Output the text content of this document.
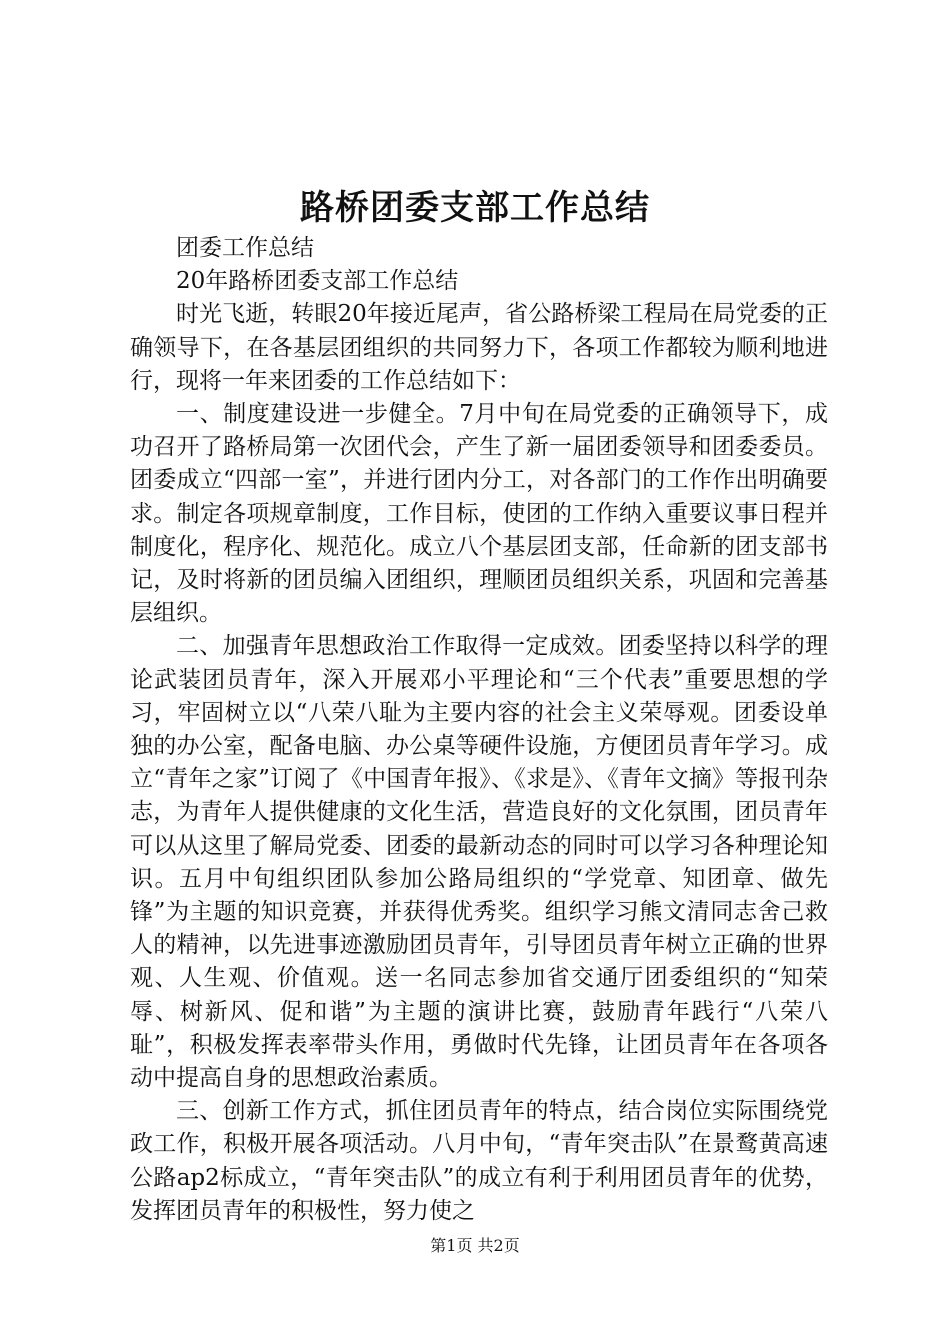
路桥团委支部工作总结

团委工作总结

20年路桥团委支部工作总结

时光飞逝，转眼20年接近尾声，省公路桥梁工程局在局党委的正确领导下，在各基层团组织的共同努力下，各项工作都较为顺利地进行，现将一年来团委的工作总结如下：

一、制度建设进一步健全。7月中旬在局党委的正确领导下，成功召开了路桥局第一次团代会，产生了新一届团委领导和团委委员。团委成立“四部一室”，并进行团内分工，对各部门的工作作出明确要求。制定各项规章制度，工作目标，使团的工作纳入重要议事日程并制度化，程序化、规范化。成立八个基层团支部，任命新的团支部书记，及时将新的团员编入团组织，理顺团员组织关系，巩固和完善基层组织。

二、加强青年思想政治工作取得一定成效。团委坚持以科学的理论武装团员青年，深入开展邓小平理论和“三个代表”重要思想的学习，牢固树立以“八荣八耻为主要内容的社会主义荣辱观。团委设单独的办公室，配备电脑、办公桌等硬件设施，方便团员青年学习。成立“青年之家”订阅了《中国青年报》、《求是》、《青年文摘》等报刊杂志，为青年人提供健康的文化生活，营造良好的文化氛围，团员青年可以从这里了解局党委、团委的最新动态的同时可以学习各种理论知识。五月中旬组织团队参加公路局组织的“学党章、知团章、做先锋”为主题的知识竞赛，并获得优秀奖。组织学习熊文清同志舍己救人的精神，以先进事迹激励团员青年，引导团员青年树立正确的世界观、人生观、价值观。送一名同志参加省交通厅团委组织的“知荣辱、树新风、促和谐”为主题的演讲比赛，鼓励青年践行“八荣八耻”，积极发挥表率带头作用，勇做时代先锋，让团员青年在各项各动中提高自身的思想政治素质。

三、创新工作方式，抓住团员青年的特点，结合岗位实际围绕党政工作，积极开展各项活动。八月中旬，“青年突击队”在景鹜黄高速公路ap2标成立，“青年突击队”的成立有利于利用团员青年的优势，发挥团员青年的积极性，努力使之

第1页 共2页
